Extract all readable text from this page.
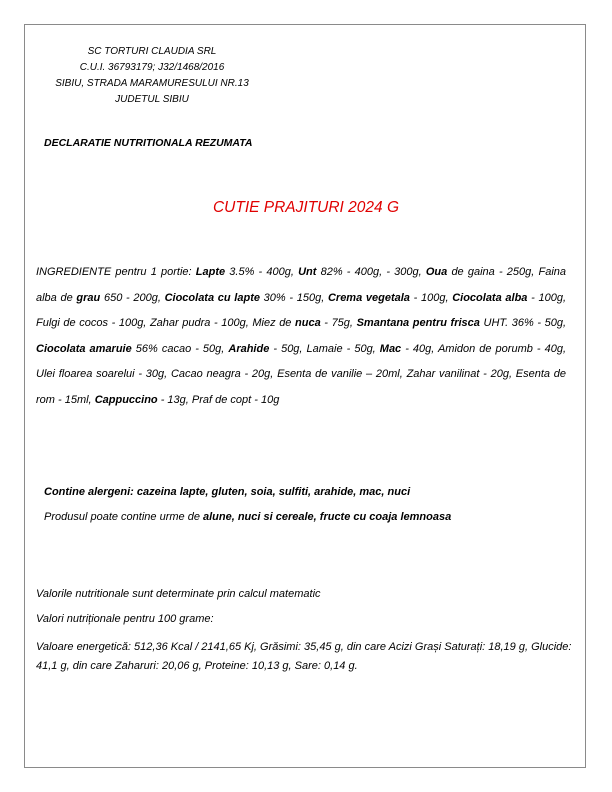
SC TORTURI CLAUDIA SRL
C.U.I. 36793179; J32/1468/2016
SIBIU, STRADA MARAMURESULUI NR.13
JUDETUL SIBIU
DECLARATIE NUTRITIONALA REZUMATA
CUTIE PRAJITURI 2024 G
INGREDIENTE pentru 1 portie: Lapte 3.5% - 400g, Unt 82% - 400g, - 300g, Oua de gaina - 250g, Faina alba de grau 650 - 200g, Ciocolata cu lapte 30% - 150g, Crema vegetala - 100g, Ciocolata alba - 100g, Fulgi de cocos - 100g, Zahar pudra - 100g, Miez de nuca - 75g, Smantana pentru frisca UHT. 36% - 50g, Ciocolata amaruie 56% cacao - 50g, Arahide - 50g, Lamaie - 50g, Mac - 40g, Amidon de porumb - 40g, Ulei floarea soarelui - 30g, Cacao neagra - 20g, Esenta de vanilie – 20ml, Zahar vanilinat - 20g, Esenta de rom - 15ml, Cappuccino - 13g, Praf de copt - 10g
Contine alergeni: cazeina lapte, gluten, soia, sulfiti, arahide, mac, nuci
Produsul poate contine urme de alune, nuci si cereale, fructe cu coaja lemnoasa
Valorile nutritionale sunt determinate prin calcul matematic
Valori nutriționale pentru 100 grame:
Valoare energetică: 512,36 Kcal / 2141,65 Kj, Grăsimi: 35,45 g, din care Acizi Grași Saturați: 18,19 g, Glucide: 41,1 g, din care Zaharuri: 20,06 g, Proteine: 10,13 g, Sare: 0,14 g.
